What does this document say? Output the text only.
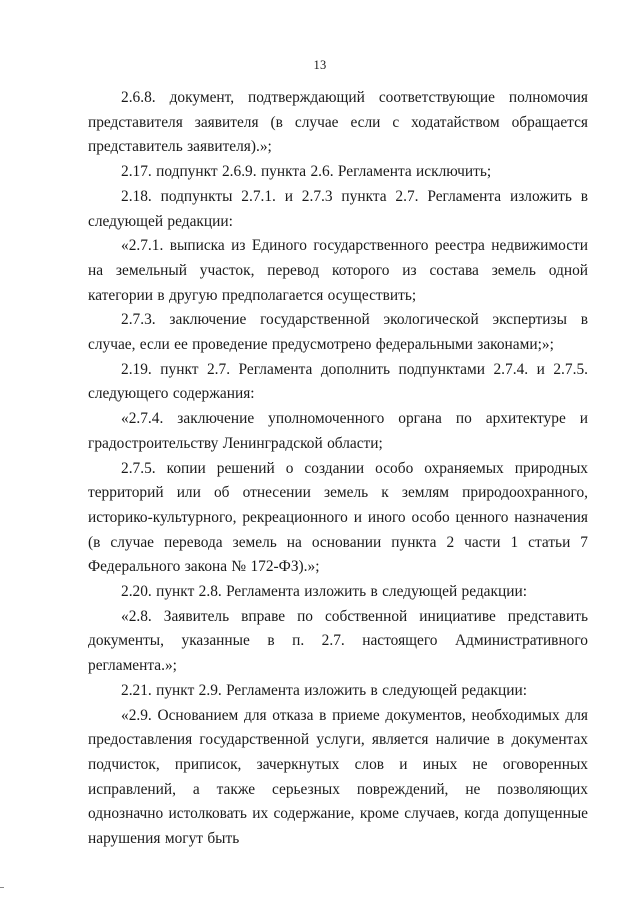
13

2.6.8. документ, подтверждающий соответствующие полномочия представителя заявителя (в случае если с ходатайством обращается представитель заявителя).»;

2.17. подпункт 2.6.9. пункта 2.6. Регламента исключить;

2.18. подпункты 2.7.1. и 2.7.3 пункта 2.7. Регламента изложить в следующей редакции:

«2.7.1. выписка из Единого государственного реестра недвижимости на земельный участок, перевод которого из состава земель одной категории в другую предполагается осуществить;

2.7.3. заключение государственной экологической экспертизы в случае, если ее проведение предусмотрено федеральными законами;»;

2.19. пункт 2.7. Регламента дополнить подпунктами 2.7.4. и 2.7.5. следующего содержания:

«2.7.4. заключение уполномоченного органа по архитектуре и градостроительству Ленинградской области;

2.7.5. копии решений о создании особо охраняемых природных территорий или об отнесении земель к землям природоохранного, историко-культурного, рекреационного и иного особо ценного назначения (в случае перевода земель на основании пункта 2 части 1 статьи 7 Федерального закона № 172-ФЗ).»;

2.20. пункт 2.8. Регламента изложить в следующей редакции:

«2.8. Заявитель вправе по собственной инициативе представить документы, указанные в п. 2.7. настоящего Административного регламента.»;

2.21. пункт 2.9. Регламента изложить в следующей редакции:

«2.9. Основанием для отказа в приеме документов, необходимых для предоставления государственной услуги, является наличие в документах подчисток, приписок, зачеркнутых слов и иных не оговоренных исправлений, а также серьезных повреждений, не позволяющих однозначно истолковать их содержание, кроме случаев, когда допущенные нарушения могут быть
